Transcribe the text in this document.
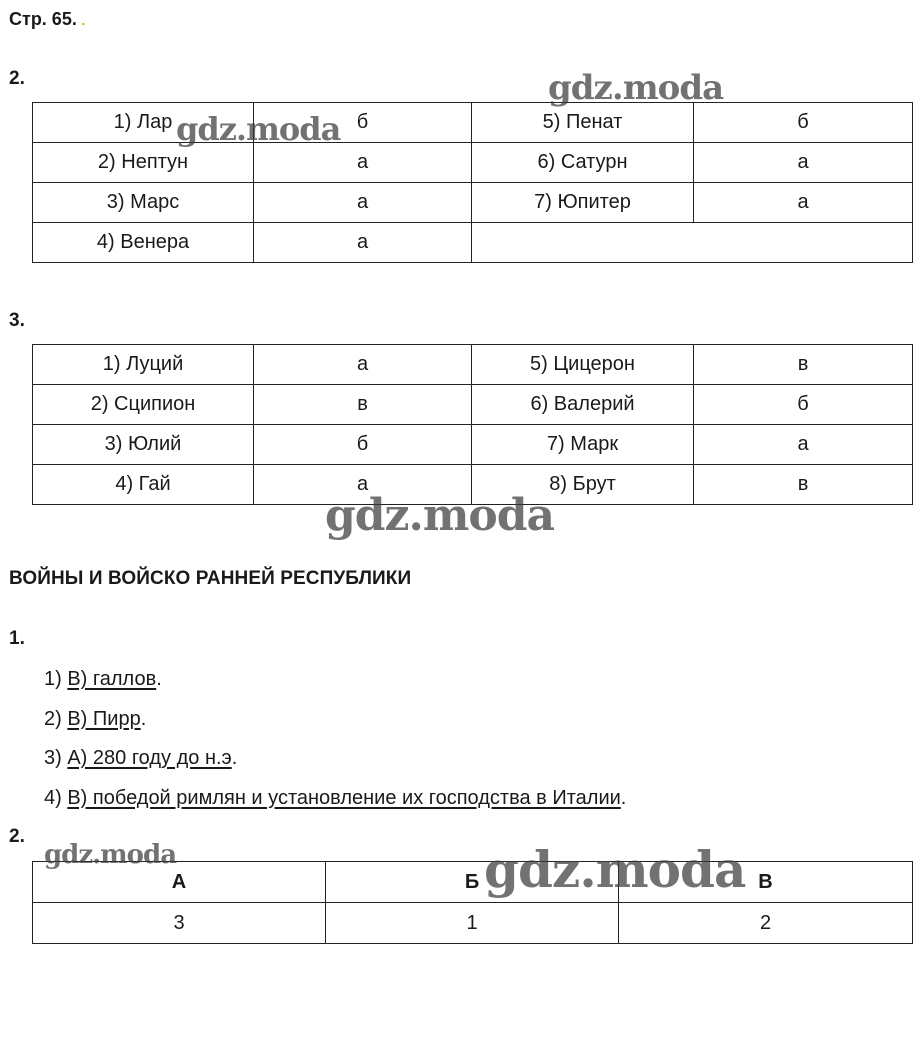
Стр. 65. .
2.
1) Лар	б	5) Пенат	б
2) Нептун	а	6) Сатурн	а
3) Марс	а	7) Юпитер	а
4) Венера	а		
3.
1) Луций	а	5) Цицерон	в
2) Сципион	в	6) Валерий	б
3) Юлий	б	7) Марк	а
4) Гай	а	8) Брут	в
ВОЙНЫ И ВОЙСКО РАННЕЙ РЕСПУБЛИКИ
1.
1) В) галлов.
2) В) Пирр.
3) А) 280 году до н.э.
4) В) победой римлян и установление их господства в Италии.
2.
А	Б	В
3	1	2
gdz.moda
gdz.moda
gdz.moda
gdz.moda	gdz.moda
